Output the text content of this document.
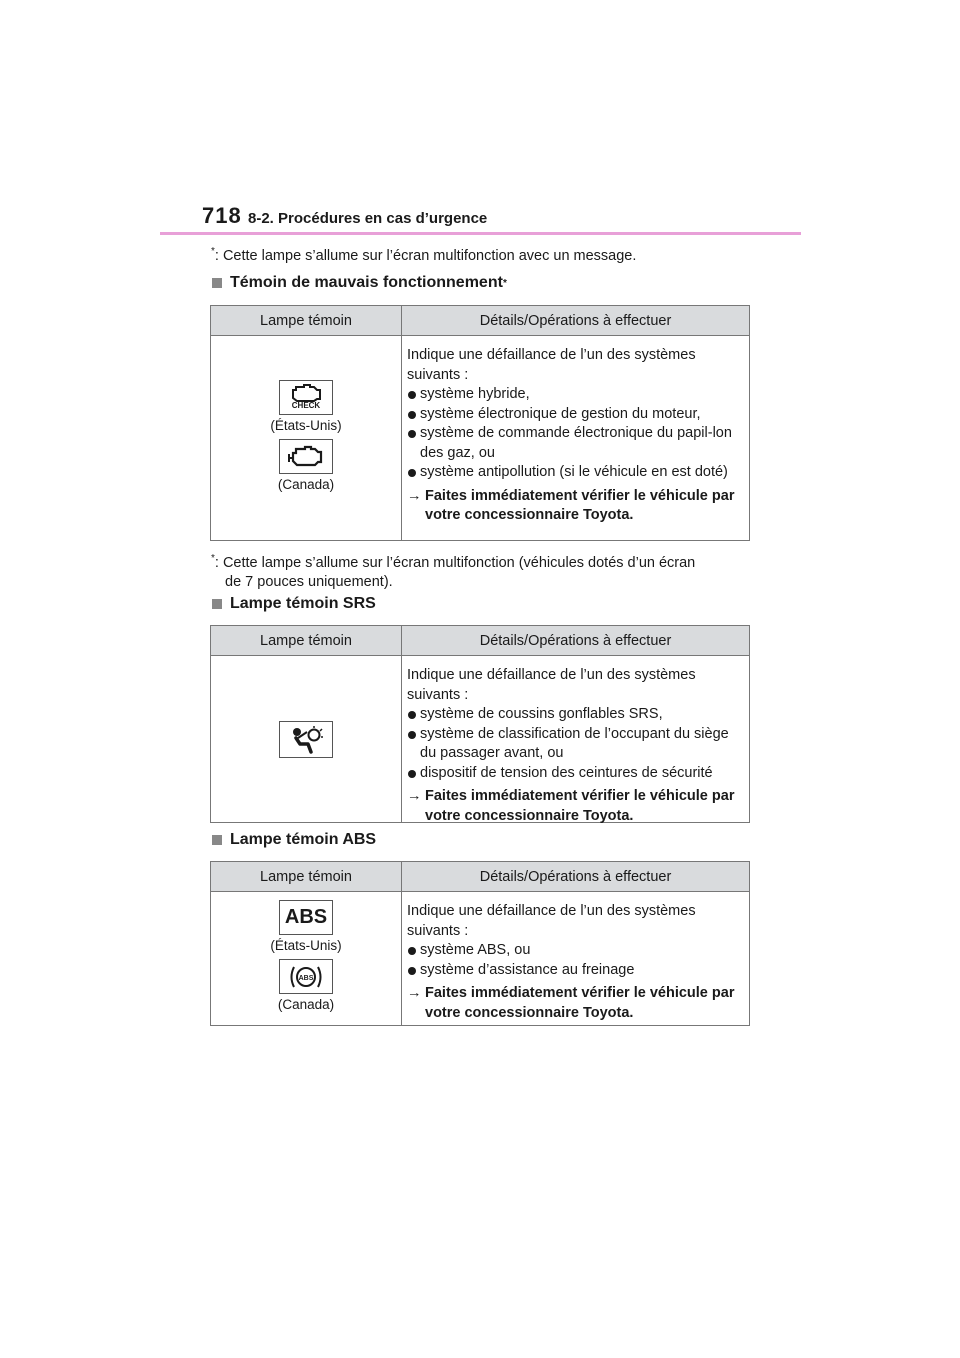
718 8-2. Procédures en cas d’urgence
*: Cette lampe s’allume sur l’écran multifonction avec un message.
Témoin de mauvais fonctionnement *
Lampe témoin	Détails/Opérations à effectuer
CHECK
(États-Unis)
(Canada)
Indique une défaillance de l’un des systèmes suivants :
système hybride,
système électronique de gestion du moteur,
système de commande électronique du papil-lon des gaz, ou
système antipollution (si le véhicule en est doté)
→ Faites immédiatement vérifier le véhicule par votre concessionnaire Toyota.
*: Cette lampe s’allume sur l’écran multifonction (véhicules dotés d’un écran
de 7 pouces uniquement).
Lampe témoin SRS
Lampe témoin	Détails/Opérations à effectuer
Indique une défaillance de l’un des systèmes suivants :
système de coussins gonflables SRS,
système de classification de l’occupant du siège du passager avant, ou
dispositif de tension des ceintures de sécurité
→ Faites immédiatement vérifier le véhicule par votre concessionnaire Toyota.
Lampe témoin ABS
Lampe témoin	Détails/Opérations à effectuer
ABS
(États-Unis)
ABS
(Canada)
Indique une défaillance de l’un des systèmes suivants :
système ABS, ou
système d’assistance au freinage
→ Faites immédiatement vérifier le véhicule par votre concessionnaire Toyota.
